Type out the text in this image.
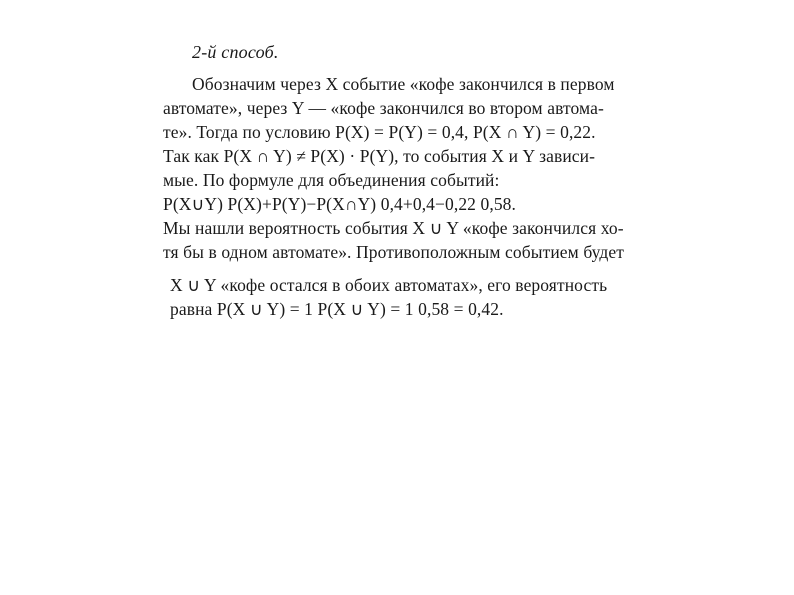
2-й способ.
Обозначим через X событие «кофе закончился в первом
автомате», через Y — «кофе закончился во втором автома-
те». Тогда по условию P(X) = P(Y) = 0,4, P(X ∩ Y) = 0,22.
Так как P(X ∩ Y) ≠ P(X) · P(Y), то события X и Y зависи-
мые. По формуле для объединения событий:
P(X∪Y) P(X)+P(Y)−P(X∩Y) 0,4+0,4−0,22 0,58.
Мы нашли вероятность события X ∪ Y «кофе закончился хо-
тя бы в одном автомате». Противоположным событием будет
X ∪ Y «кофе остался в обоих автоматах», его вероятность
равна P(X ∪ Y) = 1 P(X ∪ Y) = 1 0,58 = 0,42.
